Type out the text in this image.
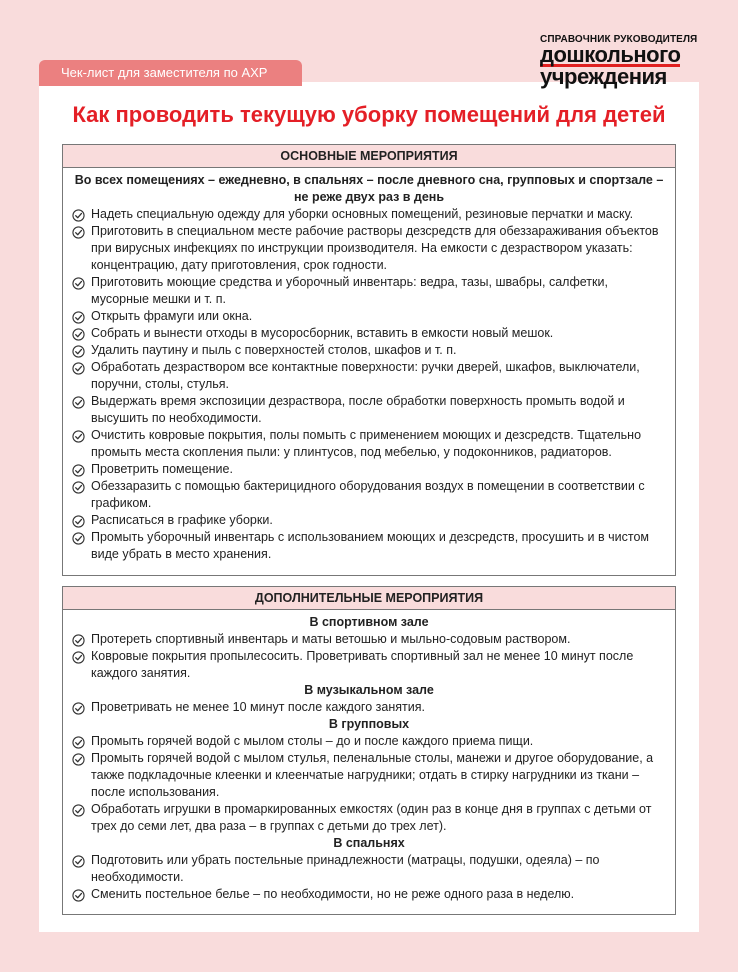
Чек-лист для заместителя по АХР
СПРАВОЧНИК РУКОВОДИТЕЛЯ
дошкольного
учреждения
Как проводить текущую уборку помещений для детей
ОСНОВНЫЕ МЕРОПРИЯТИЯ
Во всех помещениях – ежедневно, в спальнях – после дневного сна, групповых и спортзале – не реже двух раз в день
Надеть специальную одежду для уборки основных помещений, резиновые перчатки и маску.
Приготовить в специальном месте рабочие растворы дезсредств для обеззараживания объектов при вирусных инфекциях по инструкции производителя. На емкости с дезраствором указать: концентрацию, дату приготовления, срок годности.
Приготовить моющие средства и уборочный инвентарь: ведра, тазы, швабры, салфетки, мусорные мешки и т. п.
Открыть фрамуги или окна.
Собрать и вынести отходы в мусоросборник, вставить в емкости новый мешок.
Удалить паутину и пыль с поверхностей столов, шкафов и т. п.
Обработать дезраствором все контактные поверхности: ручки дверей, шкафов, выключатели, поручни, столы, стулья.
Выдержать время экспозиции дезраствора, после обработки поверхность промыть водой и высушить по необходимости.
Очистить ковровые покрытия, полы помыть с применением моющих и дезсредств. Тщательно промыть места скопления пыли: у плинтусов, под мебелью, у подоконников, радиаторов.
Проветрить помещение.
Обеззаразить с помощью бактерицидного оборудования воздух в помещении в соответствии с графиком.
Расписаться в графике уборки.
Промыть уборочный инвентарь с использованием моющих и дезсредств, просушить и в чистом виде убрать в место хранения.
ДОПОЛНИТЕЛЬНЫЕ МЕРОПРИЯТИЯ
В спортивном зале
Протереть спортивный инвентарь и маты ветошью и мыльно-содовым раствором.
Ковровые покрытия пропылесосить. Проветривать спортивный зал не менее 10 минут после каждого занятия.
В музыкальном зале
Проветривать не менее 10 минут после каждого занятия.
В групповых
Промыть горячей водой с мылом столы – до и после каждого приема пищи.
Промыть горячей водой с мылом стулья, пеленальные столы, манежи и другое оборудование, а также подкладочные клеенки и клеенчатые нагрудники; отдать в стирку нагрудники из ткани – после использования.
Обработать игрушки в промаркированных емкостях (один раз в конце дня в группах с детьми от трех до семи лет, два раза – в группах с детьми до трех лет).
В спальнях
Подготовить или убрать постельные принадлежности (матрацы, подушки, одеяла) – по необходимости.
Сменить постельное белье – по необходимости, но не реже одного раза в неделю.
